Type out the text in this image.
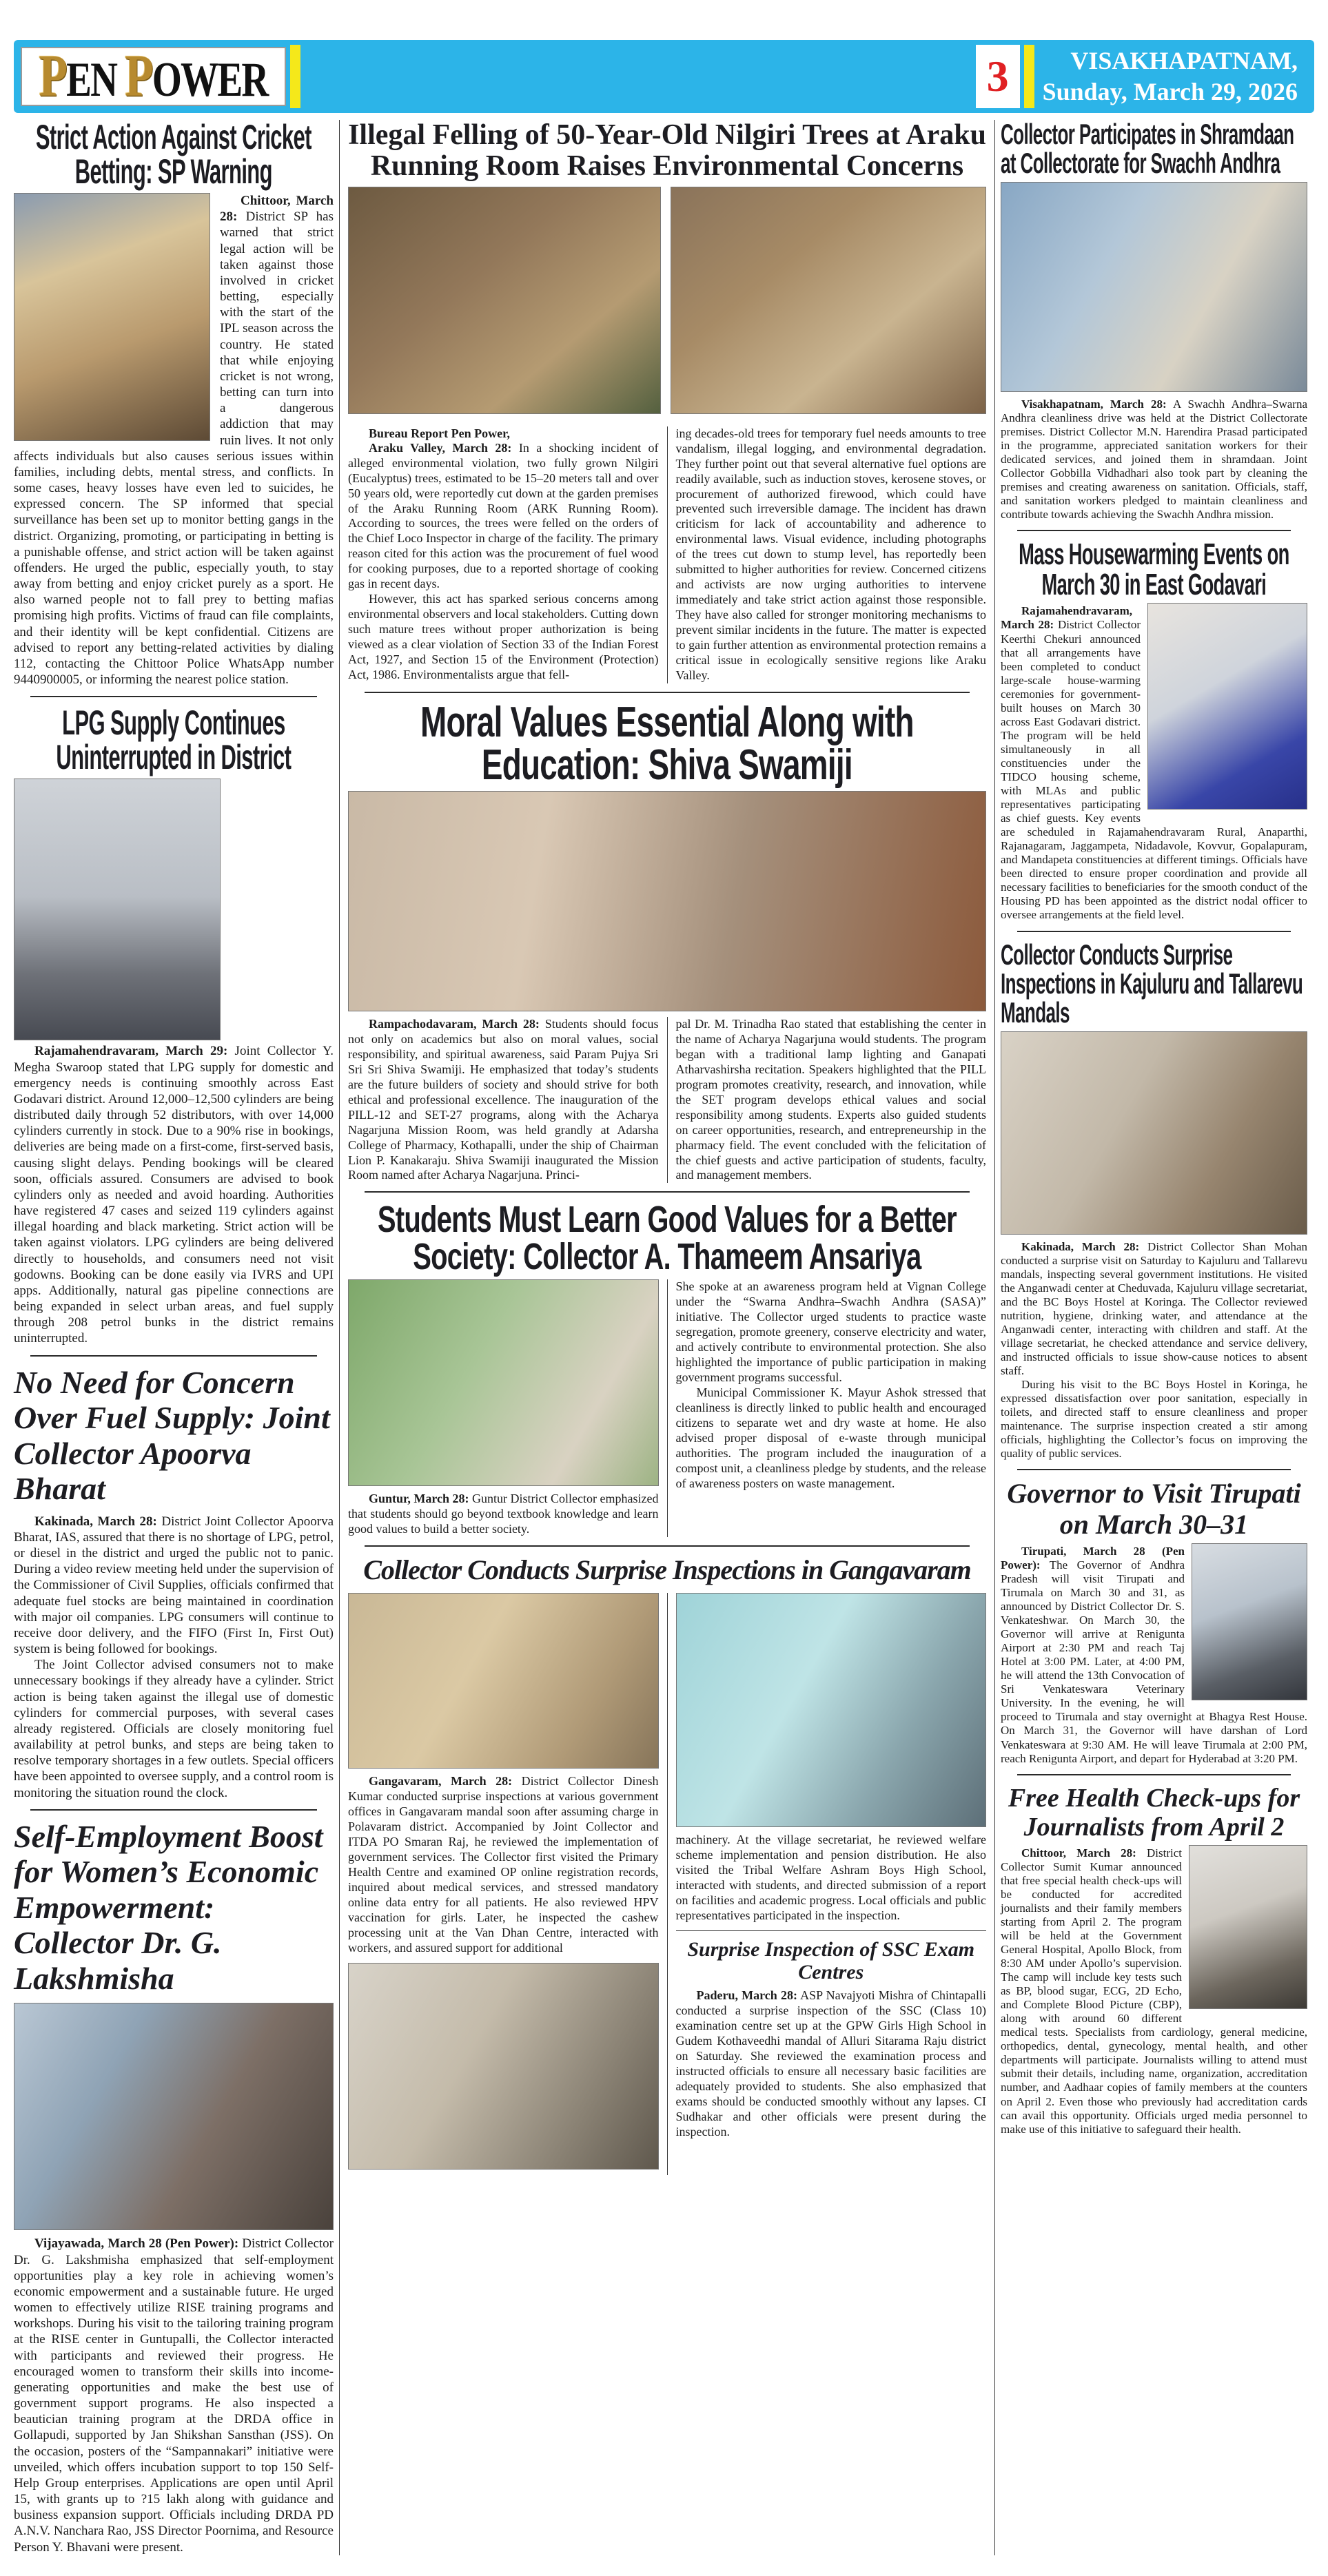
PEN POWER	3	VISAKHAPATNAM,
Sunday, March 29, 2026
Strict Action Against Cricket Betting: SP Warning

Chittoor, March 28: District SP has warned that strict legal action will be taken against those involved in cricket betting, especially with the start of the IPL season across the country. He stated that while enjoying cricket is not wrong, betting can turn into a dangerous addiction that may ruin lives. It not only affects individuals but also causes serious issues within families, including debts, mental stress, and conflicts. In some cases, heavy losses have even led to suicides, he expressed concern. The SP informed that special surveillance has been set up to monitor betting gangs in the district. Organizing, promoting, or participating in betting is a punishable offense, and strict action will be taken against offenders. He urged the public, especially youth, to stay away from betting and enjoy cricket purely as a sport. He also warned people not to fall prey to betting mafias promising high profits. Victims of fraud can file complaints, and their identity will be kept confidential. Citizens are advised to report any betting-related activities by dialing 112, contacting the Chittoor Police WhatsApp number 9440900005, or informing the nearest police station.

LPG Supply Continues Uninterrupted in District

Rajamahendravaram, March 29: Joint Collector Y. Megha Swaroop stated that LPG supply for domestic and emergency needs is continuing smoothly across East Godavari district. Around 12,000–12,500 cylinders are being distributed daily through 52 distributors, with over 14,000 cylinders currently in stock. Due to a 90% rise in bookings, deliveries are being made on a first-come, first-served basis, causing slight delays. Pending bookings will be cleared soon, officials assured. Consumers are advised to book cylinders only as needed and avoid hoarding. Authorities have registered 47 cases and seized 119 cylinders against illegal hoarding and black marketing. Strict action will be taken against violators. LPG cylinders are being delivered directly to households, and consumers need not visit godowns. Booking can be done easily via IVRS and UPI apps. Additionally, natural gas pipeline connections are being expanded in select urban areas, and fuel supply through 208 petrol bunks in the district remains uninterrupted.

No Need for Concern Over Fuel Supply: Joint Collector Apoorva Bharat

Kakinada, March 28: District Joint Collector Apoorva Bharat, IAS, assured that there is no shortage of LPG, petrol, or diesel in the district and urged the public not to panic. During a video review meeting held under the supervision of the Commissioner of Civil Supplies, officials confirmed that adequate fuel stocks are being maintained in coordination with major oil companies. LPG consumers will continue to receive door delivery, and the FIFO (First In, First Out) system is being followed for bookings.

The Joint Collector advised consumers not to make unnecessary bookings if they already have a cylinder. Strict action is being taken against the illegal use of domestic cylinders for commercial purposes, with several cases already registered. Officials are closely monitoring fuel availability at petrol bunks, and steps are being taken to resolve temporary shortages in a few outlets. Special officers have been appointed to oversee supply, and a control room is monitoring the situation round the clock.

Self-Employment Boost for Women’s Economic Empowerment: Collector Dr. G. Lakshmisha

Vijayawada, March 28 (Pen Power): District Collector Dr. G. Lakshmisha emphasized that self-employment opportunities play a key role in achieving women’s economic empowerment and a sustainable future. He urged women to effectively utilize RISE training programs and workshops. During his visit to the tailoring training program at the RISE center in Guntupalli, the Collector interacted with participants and reviewed their progress. He encouraged women to transform their skills into income-generating opportunities and make the best use of government support programs. He also inspected a beautician training program at the DRDA office in Gollapudi, supported by Jan Shikshan Sansthan (JSS). On the occasion, posters of the “Sampannakari” initiative were unveiled, which offers incubation support to top 150 Self-Help Group enterprises. Applications are open until April 15, with grants up to ?15 lakh along with guidance and business expansion support. Officials including DRDA PD A.N.V. Nanchara Rao, JSS Director Poornima, and Resource Person Y. Bhavani were present.

Illegal Felling of 50-Year-Old Nilgiri Trees at Araku Running Room Raises Environmental Concerns

Bureau Report Pen Power,

Araku Valley, March 28: In a shocking incident of alleged environmental violation, two fully grown Nilgiri (Eucalyptus) trees, estimated to be 15–20 meters tall and over 50 years old, were reportedly cut down at the garden premises of the Araku Running Room (ARK Running Room). According to sources, the trees were felled on the orders of the Chief Loco Inspector in charge of the facility. The primary reason cited for this action was the procurement of fuel wood for cooking purposes, due to a reported shortage of cooking gas in recent days.

However, this act has sparked serious concerns among environmental observers and local stakeholders. Cutting down such mature trees without proper authorization is being viewed as a clear violation of Section 33 of the Indian Forest Act, 1927, and Section 15 of the Environment (Protection) Act, 1986. Environmentalists argue that fell-

ing decades-old trees for temporary fuel needs amounts to tree vandalism, illegal logging, and environmental degradation. They further point out that several alternative fuel options are readily available, such as induction stoves, kerosene stoves, or procurement of authorized firewood, which could have prevented such irreversible damage. The incident has drawn criticism for lack of accountability and adherence to environmental laws. Visual evidence, including photographs of the trees cut down to stump level, has reportedly been submitted to higher authorities for review. Concerned citizens and activists are now urging authorities to intervene immediately and take strict action against those responsible. They have also called for stronger monitoring mechanisms to prevent similar incidents in the future. The matter is expected to gain further attention as environmental protection remains a critical issue in ecologically sensitive regions like Araku Valley.

Moral Values Essential Along with Education: Shiva Swamiji

Rampachodavaram, March 28: Students should focus not only on academics but also on moral values, social responsibility, and spiritual awareness, said Param Pujya Sri Sri Sri Shiva Swamiji. He emphasized that today’s students are the future builders of society and should strive for both ethical and professional excellence. The inauguration of the PILL-12 and SET-27 programs, along with the Acharya Nagarjuna Mission Room, was held grandly at Adarsha College of Pharmacy, Kothapalli, under the ship of Chairman Lion P. Kanakaraju. Shiva Swamiji inaugurated the Mission Room named after Acharya Nagarjuna. Princi-

pal Dr. M. Trinadha Rao stated that establishing the center in the name of Acharya Nagarjuna would students. The program began with a traditional lamp lighting and Ganapati Atharvashirsha recitation. Speakers highlighted that the PILL program promotes creativity, research, and innovation, while the SET program develops ethical values and social responsibility among students. Experts also guided students on career opportunities, research, and entrepreneurship in the pharmacy field. The event concluded with the felicitation of the chief guests and active participation of students, faculty, and management members.

Students Must Learn Good Values for a Better Society: Collector A. Thameem Ansariya

Guntur, March 28: Guntur District Collector emphasized that students should go beyond textbook knowledge and learn good values to build a better society.

She spoke at an awareness program held at Vignan College under the “Swarna Andhra–Swachh Andhra (SASA)” initiative. The Collector urged students to practice waste segregation, promote greenery, conserve electricity and water, and actively contribute to environmental protection. She also highlighted the importance of public participation in making government programs successful.

Municipal Commissioner K. Mayur Ashok stressed that cleanliness is directly linked to public health and encouraged citizens to separate wet and dry waste at home. He also advised proper disposal of e-waste through municipal authorities. The program included the inauguration of a compost unit, a cleanliness pledge by students, and the release of awareness posters on waste management.

Collector Conducts Surprise Inspections in Gangavaram

Gangavaram, March 28: District Collector Dinesh Kumar conducted surprise inspections at various government offices in Gangavaram mandal soon after assuming charge in Polavaram district. Accompanied by Joint Collector and ITDA PO Smaran Raj, he reviewed the implementation of government services. The Collector first visited the Primary Health Centre and examined OP online registration records, inquired about medical services, and stressed mandatory online data entry for all patients. He also reviewed HPV vaccination for girls. Later, he inspected the cashew processing unit at the Van Dhan Centre, interacted with workers, and assured support for additional

machinery. At the village secretariat, he reviewed welfare scheme implementation and pension distribution. He also visited the Tribal Welfare Ashram Boys High School, interacted with students, and directed submission of a report on facilities and academic progress. Local officials and public representatives participated in the inspection.

Surprise Inspection of SSC Exam Centres

Paderu, March 28: ASP Navajyoti Mishra of Chintapalli conducted a surprise inspection of the SSC (Class 10) examination centre set up at the GPW Girls High School in Gudem Kothaveedhi mandal of Alluri Sitarama Raju district on Saturday. She reviewed the examination process and instructed officials to ensure all necessary basic facilities are adequately provided to students. She also emphasized that exams should be conducted smoothly without any lapses. CI Sudhakar and other officials were present during the inspection.

Collector Participates in Shramdaan at Collectorate for Swachh Andhra

Visakhapatnam, March 28: A Swachh Andhra–Swarna Andhra cleanliness drive was held at the District Collectorate premises. District Collector M.N. Harendira Prasad participated in the programme, appreciated sanitation workers for their dedicated services, and joined them in shramdaan. Joint Collector Gobbilla Vidhadhari also took part by cleaning the premises and creating awareness on sanitation. Officials, staff, and sanitation workers pledged to maintain cleanliness and contribute towards achieving the Swachh Andhra mission.

Mass Housewarming Events on March 30 in East Godavari

Rajamahendravaram, March 28: District Collector Keerthi Chekuri announced that all arrangements have been completed to conduct large-scale house-warming ceremonies for government-built houses on March 30 across East Godavari district. The program will be held simultaneously in all constituencies under the TIDCO housing scheme, with MLAs and public representatives participating as chief guests. Key events are scheduled in Rajamahendravaram Rural, Anaparthi, Rajanagaram, Jaggampeta, Nidadavole, Kovvur, Gopalapuram, and Mandapeta constituencies at different timings. Officials have been directed to ensure proper coordination and provide all necessary facilities to beneficiaries for the smooth conduct of the Housing PD has been appointed as the district nodal officer to oversee arrangements at the field level.

Collector Conducts Surprise Inspections in Kajuluru and Tallarevu Mandals

Kakinada, March 28: District Collector Shan Mohan conducted a surprise visit on Saturday to Kajuluru and Tallarevu mandals, inspecting several government institutions. He visited the Anganwadi center at Cheduvada, Kajuluru village secretariat, and the BC Boys Hostel at Koringa. The Collector reviewed nutrition, hygiene, drinking water, and attendance at the Anganwadi center, interacting with children and staff. At the village secretariat, he checked attendance and service delivery, and instructed officials to issue show-cause notices to absent staff.

During his visit to the BC Boys Hostel in Koringa, he expressed dissatisfaction over poor sanitation, especially in toilets, and directed staff to ensure cleanliness and proper maintenance. The surprise inspection created a stir among officials, highlighting the Collector’s focus on improving the quality of public services.

Governor to Visit Tirupati on March 30–31

Tirupati, March 28 (Pen Power): The Governor of Andhra Pradesh will visit Tirupati and Tirumala on March 30 and 31, as announced by District Collector Dr. S. Venkateshwar. On March 30, the Governor will arrive at Renigunta Airport at 2:30 PM and reach Taj Hotel at 3:00 PM. Later, at 4:00 PM, he will attend the 13th Convocation of Sri Venkateswara Veterinary University. In the evening, he will proceed to Tirumala and stay overnight at Bhagya Rest House. On March 31, the Governor will have darshan of Lord Venkateswara at 9:30 AM. He will leave Tirumala at 2:00 PM, reach Renigunta Airport, and depart for Hyderabad at 3:20 PM.

Free Health Check-ups for Journalists from April 2

Chittoor, March 28: District Collector Sumit Kumar announced that free special health check-ups will be conducted for accredited journalists and their family members starting from April 2. The program will be held at the Government General Hospital, Apollo Block, from 8:30 AM under Apollo’s supervision. The camp will include key tests such as BP, blood sugar, ECG, 2D Echo, and Complete Blood Picture (CBP), along with around 60 different medical tests. Specialists from cardiology, general medicine, orthopedics, dental, gynecology, mental health, and other departments will participate. Journalists willing to attend must submit their details, including name, organization, accreditation number, and Aadhaar copies of family members at the counters on April 2. Even those who previously had accreditation cards can avail this opportunity. Officials urged media personnel to make use of this initiative to safeguard their health.
